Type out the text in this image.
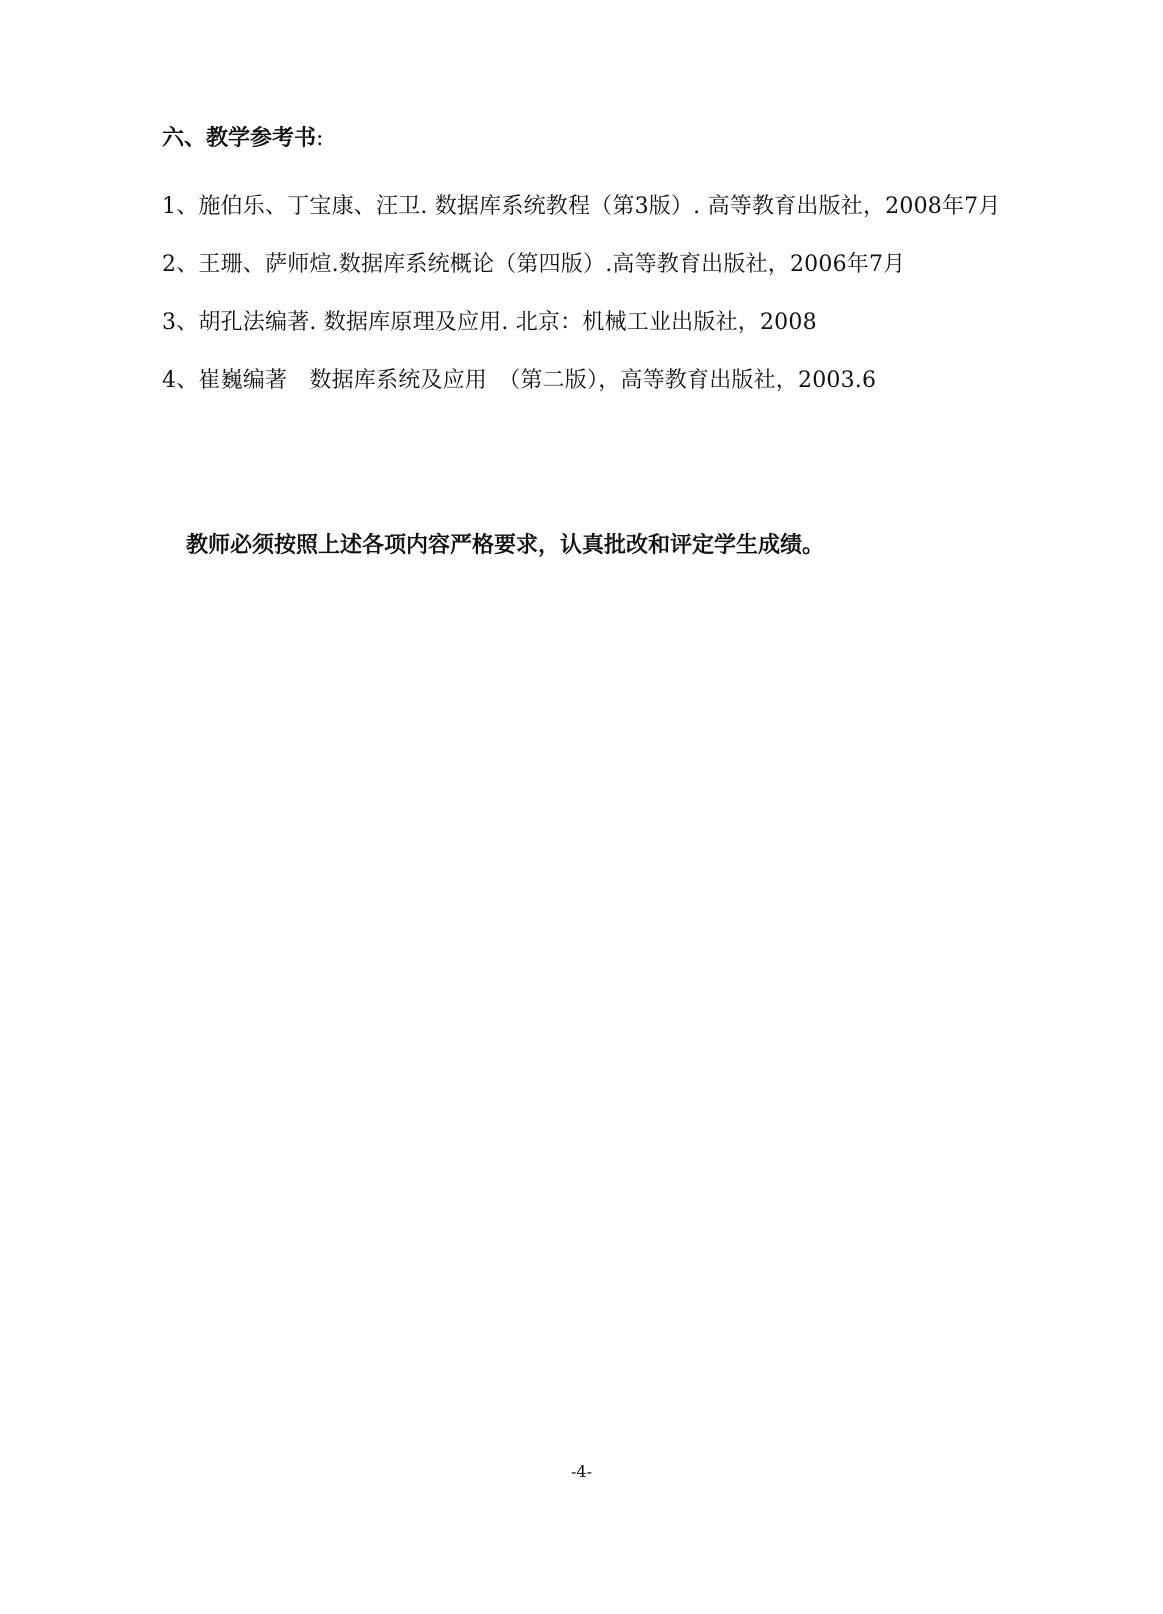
六、教学参考书:

1、施伯乐、丁宝康、汪卫. 数据库系统教程（第3版）. 高等教育出版社，2008年7月

2、王珊、萨师煊.数据库系统概论（第四版）.高等教育出版社，2006年7月

3、胡孔法编著. 数据库原理及应用. 北京：机械工业出版社，2008

4、崔巍编著　数据库系统及应用　（第二版），高等教育出版社，2003.6

教师必须按照上述各项内容严格要求，认真批改和评定学生成绩。
-4-
